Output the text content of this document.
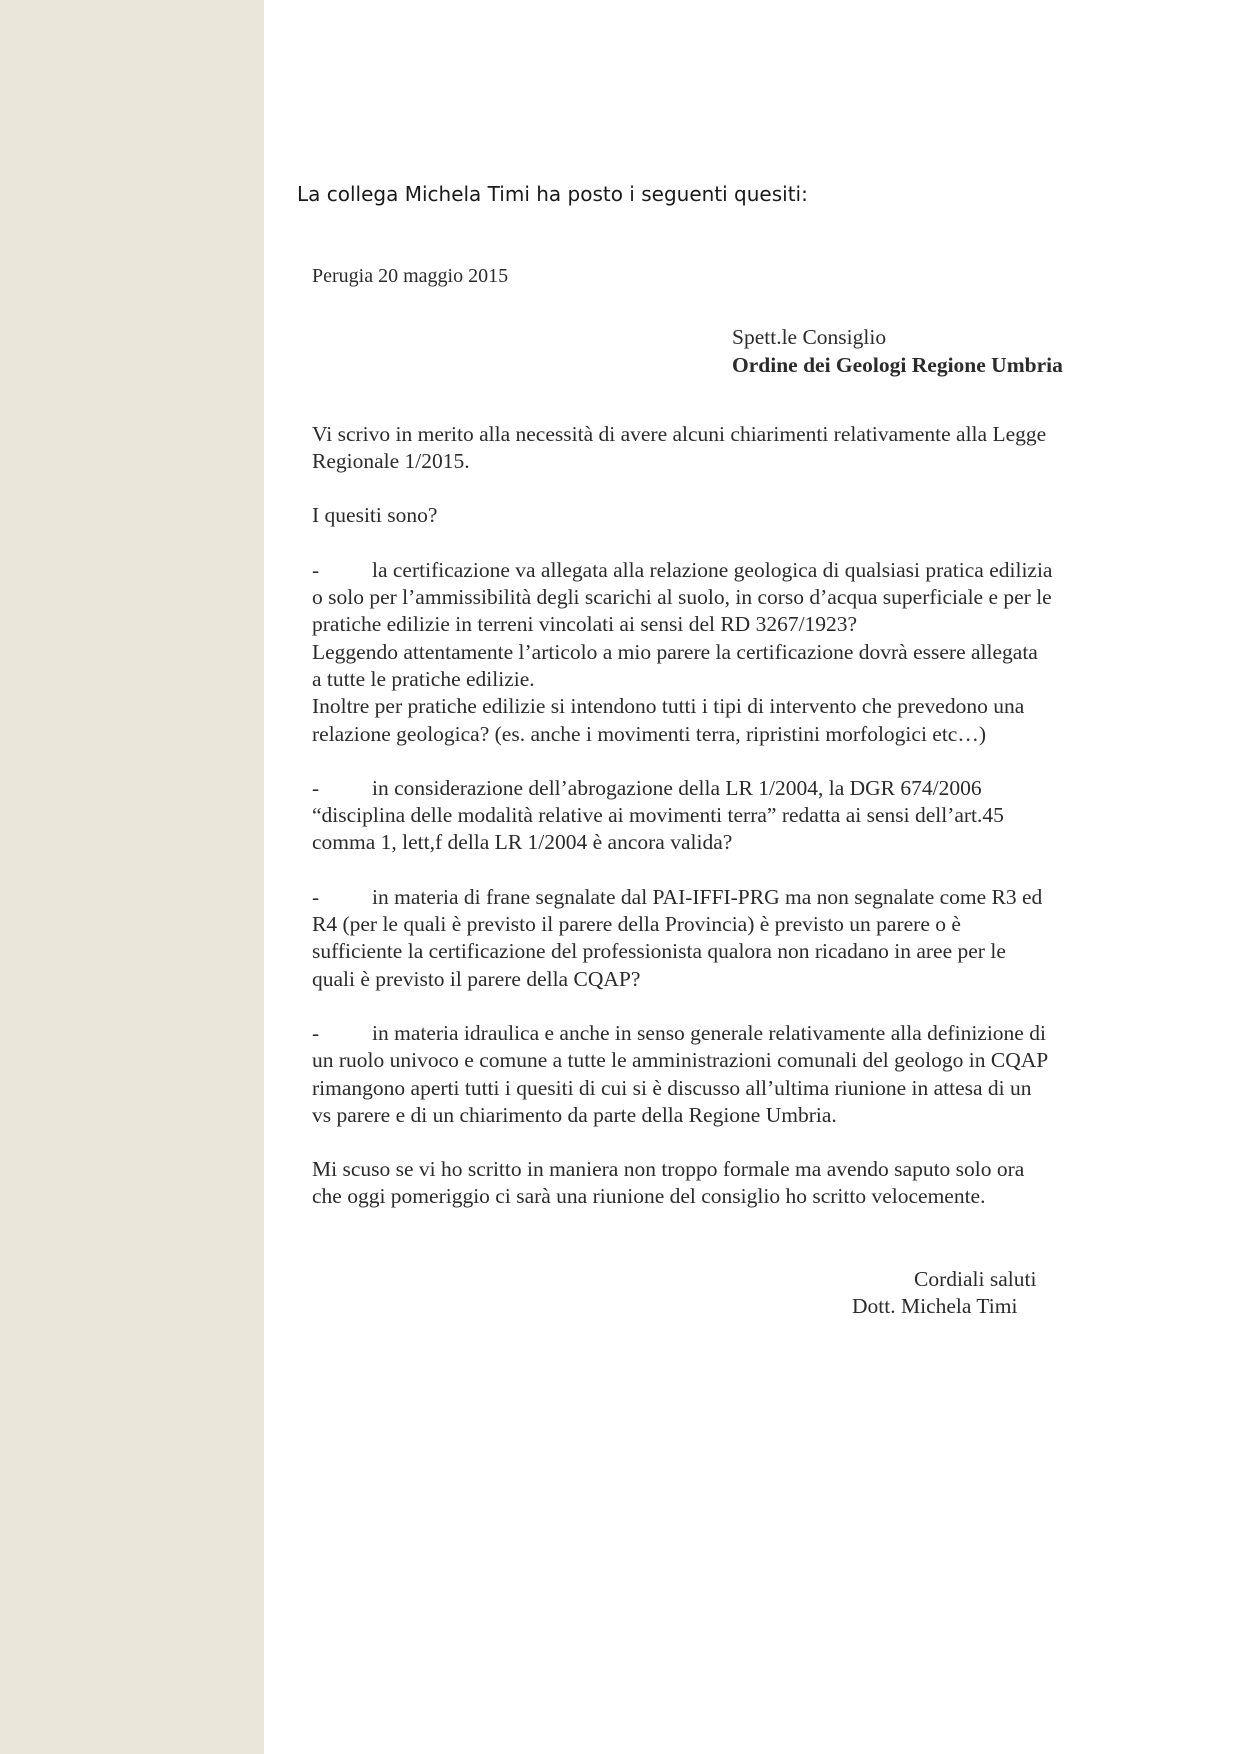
La collega Michela Timi ha posto i seguenti quesiti:

Perugia 20 maggio 2015

Spett.le Consiglio
Ordine dei Geologi Regione Umbria

Vi scrivo in merito alla necessità di avere alcuni chiarimenti relativamente alla Legge
Regionale 1/2015.

I quesiti sono?

- la certificazione va allegata alla relazione geologica di qualsiasi pratica edilizia
o solo per l’ammissibilità degli scarichi al suolo, in corso d’acqua superficiale e per le
pratiche edilizie in terreni vincolati ai sensi del RD 3267/1923?
Leggendo attentamente l’articolo a mio parere la certificazione dovrà essere allegata
a tutte le pratiche edilizie.
Inoltre per pratiche edilizie si intendono tutti i tipi di intervento che prevedono una
relazione geologica? (es. anche i movimenti terra, ripristini morfologici etc…)

- in considerazione dell’abrogazione della LR 1/2004, la DGR 674/2006
“disciplina delle modalità relative ai movimenti terra” redatta ai sensi dell’art.45
comma 1, lett,f della LR 1/2004 è ancora valida?

- in materia di frane segnalate dal PAI-IFFI-PRG ma non segnalate come R3 ed
R4 (per le quali è previsto il parere della Provincia) è previsto un parere o è
sufficiente la certificazione del professionista qualora non ricadano in aree per le
quali è previsto il parere della CQAP?

- in materia idraulica e anche in senso generale relativamente alla definizione di
un ruolo univoco e comune a tutte le amministrazioni comunali del geologo in CQAP
rimangono aperti tutti i quesiti di cui si è discusso all’ultima riunione in attesa di un
vs parere e di un chiarimento da parte della Regione Umbria.

Mi scuso se vi ho scritto in maniera non troppo formale ma avendo saputo solo ora
che oggi pomeriggio ci sarà una riunione del consiglio ho scritto velocemente.

Cordiali saluti
Dott. Michela Timi
